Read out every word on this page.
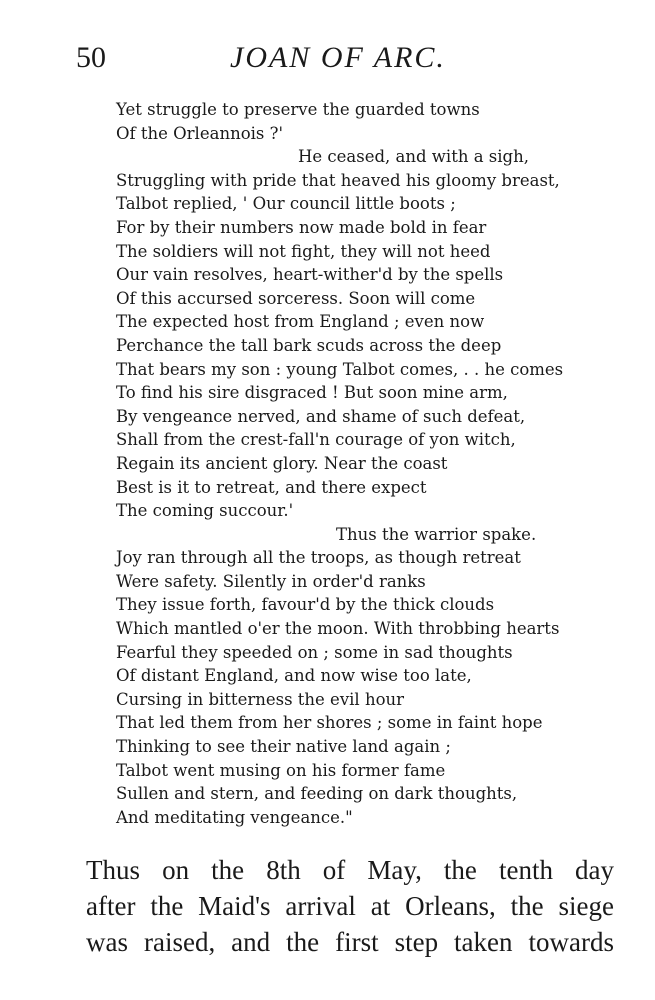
50	JOAN OF ARC.
Yet struggle to preserve the guarded towns
Of the Orleannois ?'
He ceased, and with a sigh,
Struggling with pride that heaved his gloomy breast,
Talbot replied, ' Our council little boots ;
For by their numbers now made bold in fear
The soldiers will not fight, they will not heed
Our vain resolves, heart-wither'd by the spells
Of this accursed sorceress. Soon will come
The expected host from England ; even now
Perchance the tall bark scuds across the deep
That bears my son : young Talbot comes, . . he comes
To find his sire disgraced ! But soon mine arm,
By vengeance nerved, and shame of such defeat,
Shall from the crest-fall'n courage of yon witch,
Regain its ancient glory. Near the coast
Best is it to retreat, and there expect
The coming succour.'
Thus the warrior spake.
Joy ran through all the troops, as though retreat
Were safety. Silently in order'd ranks
They issue forth, favour'd by the thick clouds
Which mantled o'er the moon. With throbbing hearts
Fearful they speeded on ; some in sad thoughts
Of distant England, and now wise too late,
Cursing in bitterness the evil hour
That led them from her shores ; some in faint hope
Thinking to see their native land again ;
Talbot went musing on his former fame
Sullen and stern, and feeding on dark thoughts,
And meditating vengeance."
Thus on the 8th of May, the tenth day
after the Maid's arrival at Orleans, the siege
was raised, and the first step taken towards
